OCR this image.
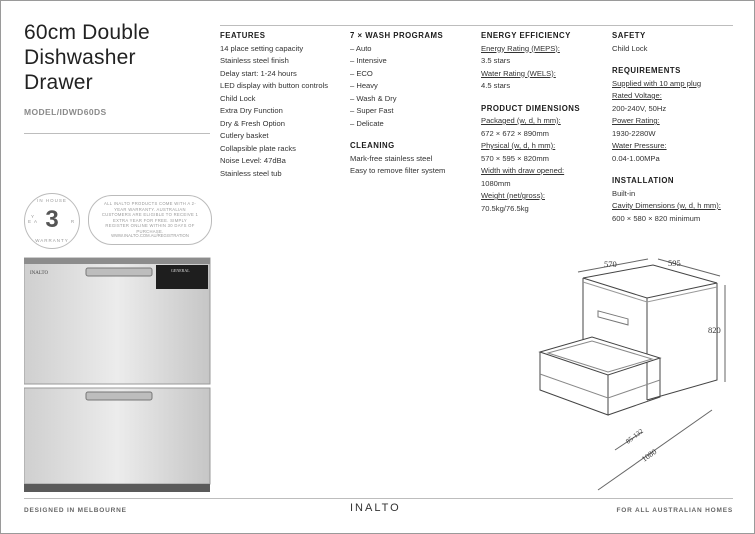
60cm Double
Dishwasher
Drawer
MODEL/IDWD60DS
IN HOUSE
3
Y E A	R
WARRANTY
ALL INALTO PRODUCTS COME WITH A 2-YEAR WARRANTY. AUSTRALIAN CUSTOMERS ARE ELIGIBLE TO RECEIVE 1 EXTRA YEAR FOR FREE. SIMPLY REGISTER ONLINE WITHIN 30 DAYS OF PURCHASE.
WWW.INALTO.COM.AU/REGISTRATION
GENERAL
INALTO
FEATURES
14 place setting capacity
Stainless steel finish
Delay start: 1-24 hours
LED display with button controls
Child Lock
Extra Dry Function
Dry & Fresh Option
Cutlery basket
Collapsible plate racks
Noise Level: 47dBa
Stainless steel tub
7 × WASH PROGRAMS
– Auto
– Intensive
– ECO
– Heavy
– Wash & Dry
– Super Fast
– Delicate
CLEANING
Mark-free stainless steel
Easy to remove filter system
ENERGY EFFICIENCY
Energy Rating (MEPS):
3.5 stars
Water Rating (WELS):
4.5 stars
PRODUCT DIMENSIONS
Packaged (w, d, h mm):
672 × 672 × 890mm
Physical (w, d, h mm):
570 × 595 × 820mm
Width with draw opened:
1080mm
Weight (net/gross):
70.5kg/76.5kg
SAFETY
Child Lock
REQUIREMENTS
Supplied with 10 amp plug
Rated Voltage:
200-240V, 50Hz
Power Rating:
1930-2280W
Water Pressure:
0.04-1.00MPa
INSTALLATION
Built-in
Cavity Dimensions (w, d, h mm):
600 × 580 × 820 minimum
570	595
820
85-132
1080
DESIGNED IN MELBOURNE	INALTO	FOR ALL AUSTRALIAN HOMES
